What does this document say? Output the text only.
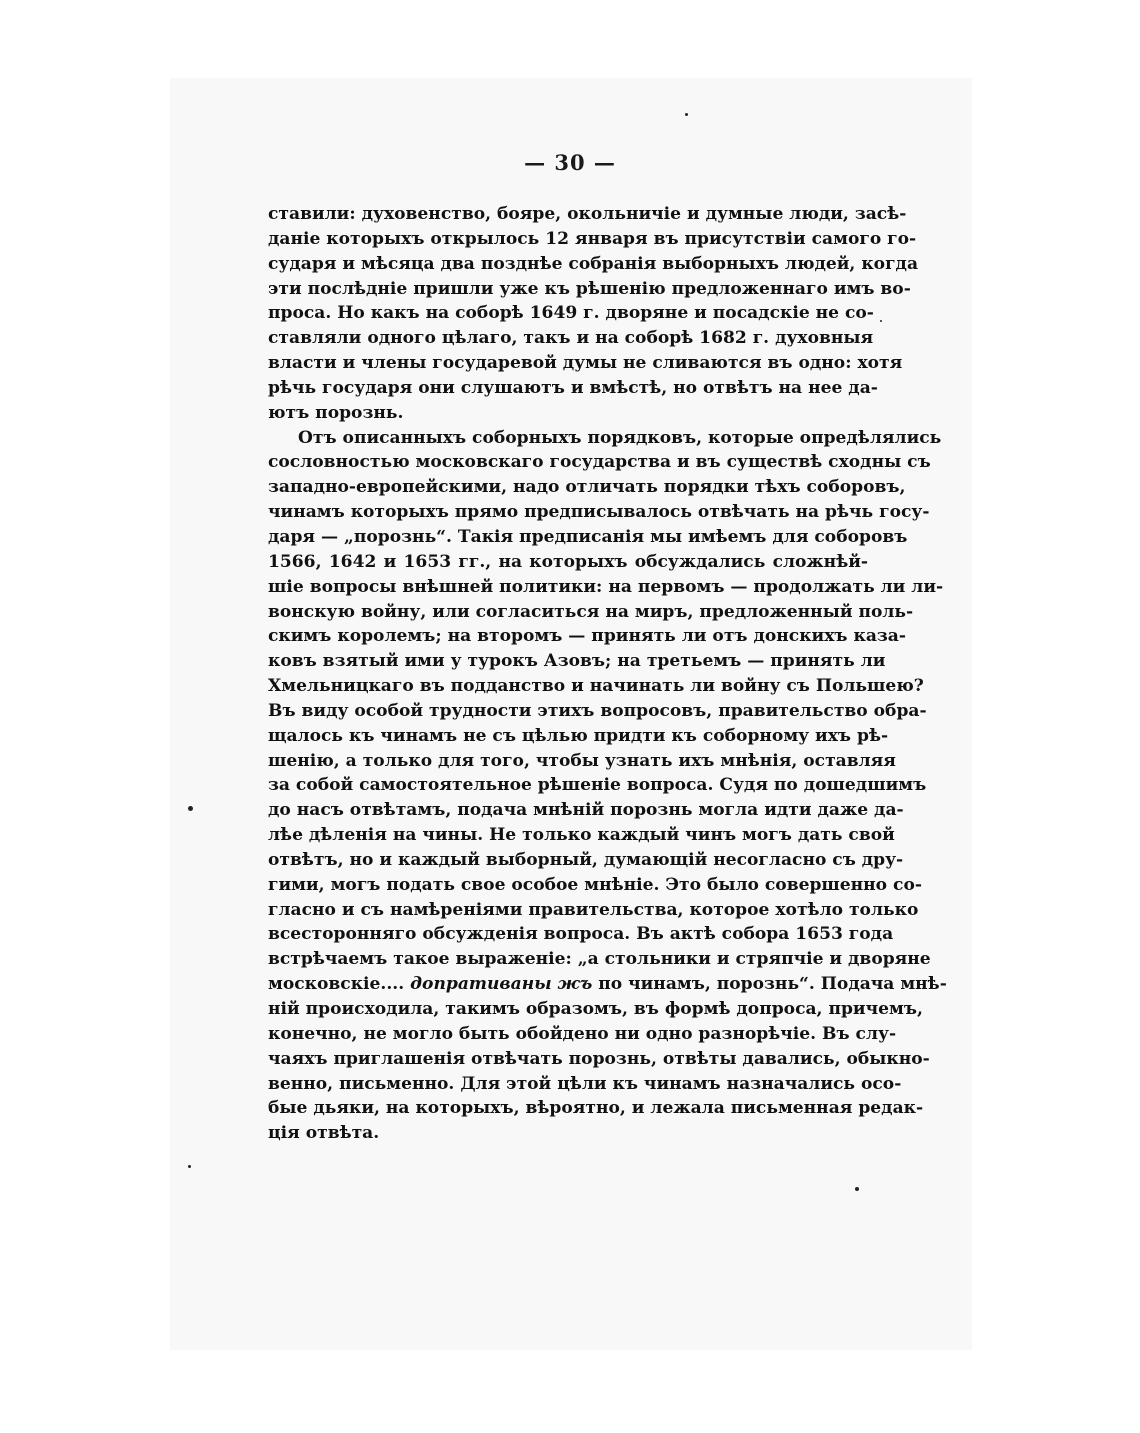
— 30 —
ставили: духовенство, бояре, окольничіе и думные люди, засѣ-
даніе которыхъ открылось 12 января въ присутствіи самого го-
сударя и мѣсяца два позднѣе собранія выборныхъ людей, когда
эти послѣдніе пришли уже къ рѣшенію предложеннаго имъ во-
проса. Но какъ на соборѣ 1649 г. дворяне и посадскіе не со-
ставляли одного цѣлаго, такъ и на соборѣ 1682 г. духовныя
власти и члены государевой думы не сливаются въ одно: хотя
рѣчь государя они слушаютъ и вмѣстѣ, но отвѣтъ на нее да-
ютъ порознь.
Отъ описанныхъ соборныхъ порядковъ, которые опредѣлялись
сословностью московскаго государства и въ существѣ сходны съ
западно-европейскими, надо отличать порядки тѣхъ соборовъ,
чинамъ которыхъ прямо предписывалось отвѣчать на рѣчь госу-
даря — „порознь“. Такія предписанія мы имѣемъ для соборовъ
1566, 1642 и 1653 гг., на которыхъ обсуждались сложнѣй-
шіе вопросы внѣшней политики: на первомъ — продолжать ли ли-
вонскую войну, или согласиться на миръ, предложенный поль-
скимъ королемъ; на второмъ — принять ли отъ донскихъ каза-
ковъ взятый ими у турокъ Азовъ; на третьемъ — принять ли
Хмельницкаго въ подданство и начинать ли войну съ Польшею?
Въ виду особой трудности этихъ вопросовъ, правительство обра-
щалось къ чинамъ не съ цѣлью придти къ соборному ихъ рѣ-
шенію, а только для того, чтобы узнать ихъ мнѣнія, оставляя
за собой самостоятельное рѣшеніе вопроса. Судя по дошедшимъ
до насъ отвѣтамъ, подача мнѣній порознь могла идти даже да-
лѣе дѣленія на чины. Не только каждый чинъ могъ дать свой
отвѣтъ, но и каждый выборный, думающій несогласно съ дру-
гими, могъ подать свое особое мнѣніе. Это было совершенно со-
гласно и съ намѣреніями правительства, которое хотѣло только
всесторонняго обсужденія вопроса. Въ актѣ собора 1653 года
встрѣчаемъ такое выраженіе: „а стольники и стряпчіе и дворяне
московскіе.... допративаны жъ по чинамъ, порознь“. Подача мнѣ-
ній происходила, такимъ образомъ, въ формѣ допроса, причемъ,
конечно, не могло быть обойдено ни одно разнорѣчіе. Въ слу-
чаяхъ приглашенія отвѣчать порознь, отвѣты давались, обыкно-
венно, письменно. Для этой цѣли къ чинамъ назначались осо-
бые дьяки, на которыхъ, вѣроятно, и лежала письменная редак-
ція отвѣта.
